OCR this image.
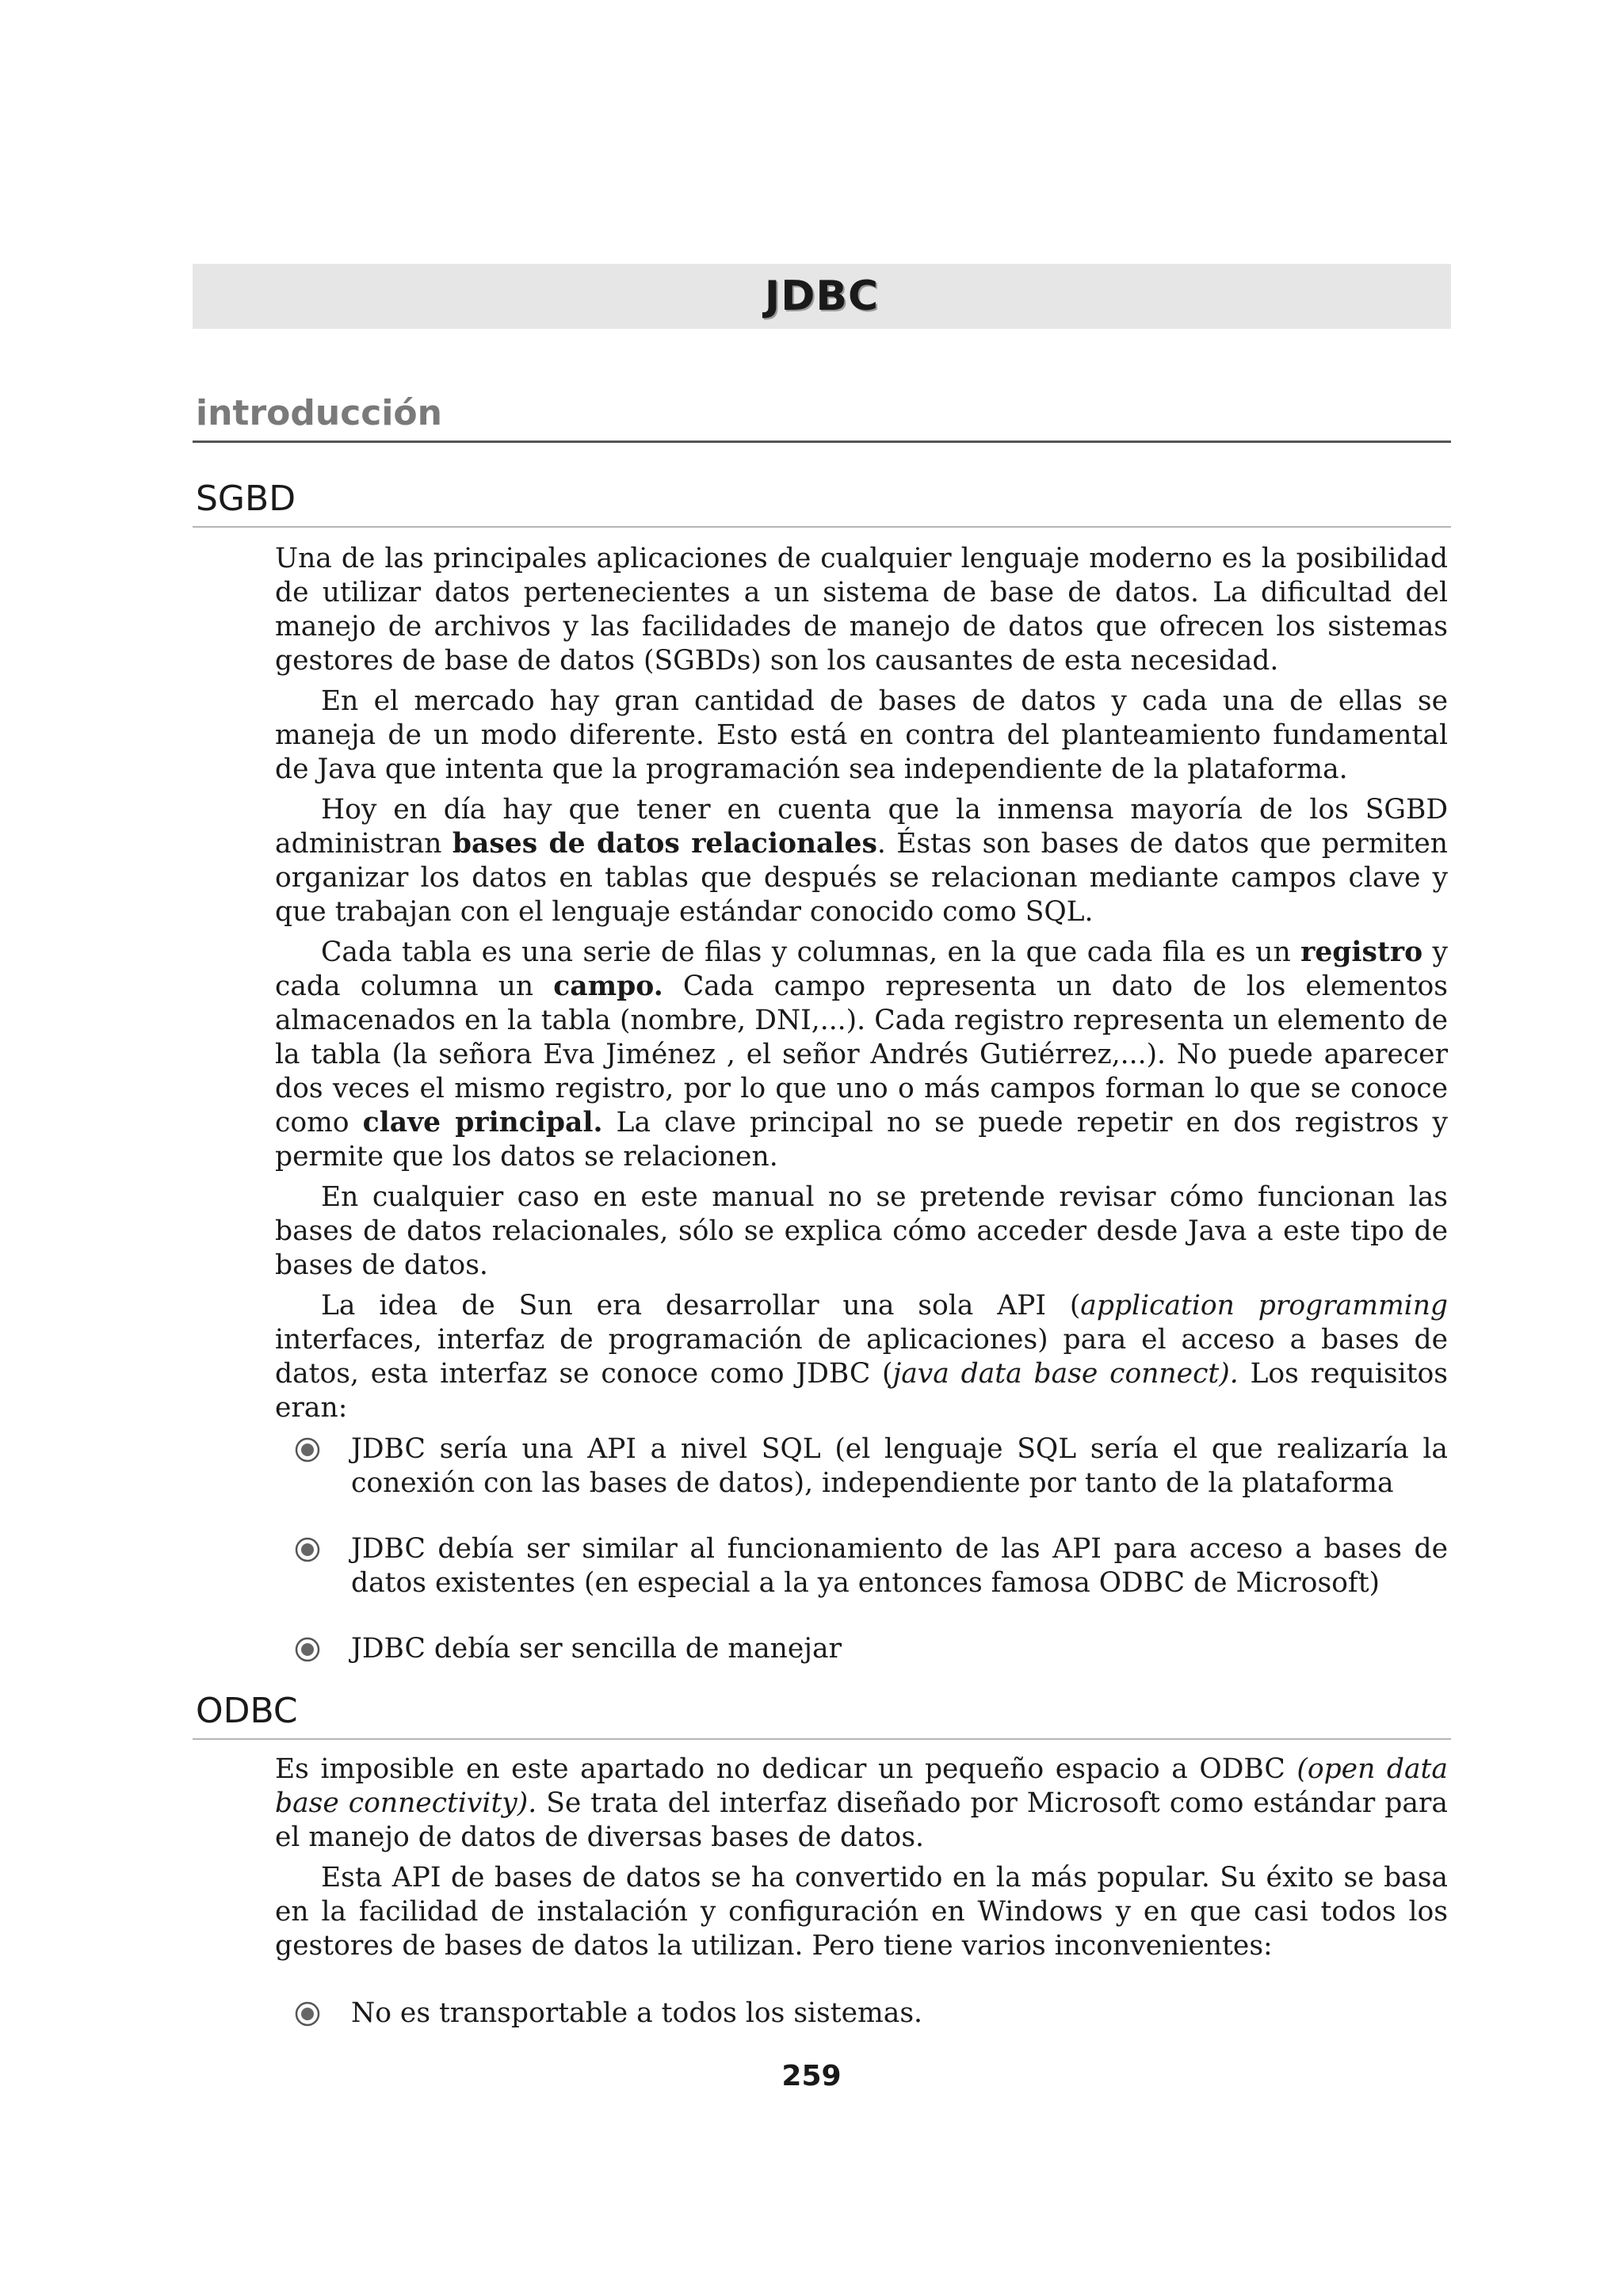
JDBC
introducción
SGBD

Una de las principales aplicaciones de cualquier lenguaje moderno es la posibilidad de utilizar datos pertenecientes a un sistema de base de datos. La dificultad del manejo de archivos y las facilidades de manejo de datos que ofrecen los sistemas gestores de base de datos (SGBDs) son los causantes de esta necesidad.

En el mercado hay gran cantidad de bases de datos y cada una de ellas se maneja de un modo diferente. Esto está en contra del planteamiento fundamental de Java que intenta que la programación sea independiente de la plataforma.

Hoy en día hay que tener en cuenta que la inmensa mayoría de los SGBD administran bases de datos relacionales. Éstas son bases de datos que permiten organizar los datos en tablas que después se relacionan mediante campos clave y que trabajan con el lenguaje estándar conocido como SQL.

Cada tabla es una serie de filas y columnas, en la que cada fila es un registro y cada columna un campo. Cada campo representa un dato de los elementos almacenados en la tabla (nombre, DNI,...). Cada registro representa un elemento de la tabla (la señora Eva Jiménez , el señor Andrés Gutiérrez,...). No puede aparecer dos veces el mismo registro, por lo que uno o más campos forman lo que se conoce como clave principal. La clave principal no se puede repetir en dos registros y permite que los datos se relacionen.

En cualquier caso en este manual no se pretende revisar cómo funcionan las bases de datos relacionales, sólo se explica cómo acceder desde Java a este tipo de bases de datos.

La idea de Sun era desarrollar una sola API (application programming interfaces, interfaz de programación de aplicaciones) para el acceso a bases de datos, esta interfaz se conoce como JDBC (java data base connect). Los requisitos eran:

JDBC sería una API a nivel SQL (el lenguaje SQL sería el que realizaría la conexión con las bases de datos), independiente por tanto de la plataforma
JDBC debía ser similar al funcionamiento de las API para acceso a bases de datos existentes (en especial a la ya entonces famosa ODBC de Microsoft)
JDBC debía ser sencilla de manejar
ODBC

Es imposible en este apartado no dedicar un pequeño espacio a ODBC (open data base connectivity). Se trata del interfaz diseñado por Microsoft como estándar para el manejo de datos de diversas bases de datos.

Esta API de bases de datos se ha convertido en la más popular. Su éxito se basa en la facilidad de instalación y configuración en Windows y en que casi todos los gestores de bases de datos la utilizan. Pero tiene varios inconvenientes:

No es transportable a todos los sistemas.
259
